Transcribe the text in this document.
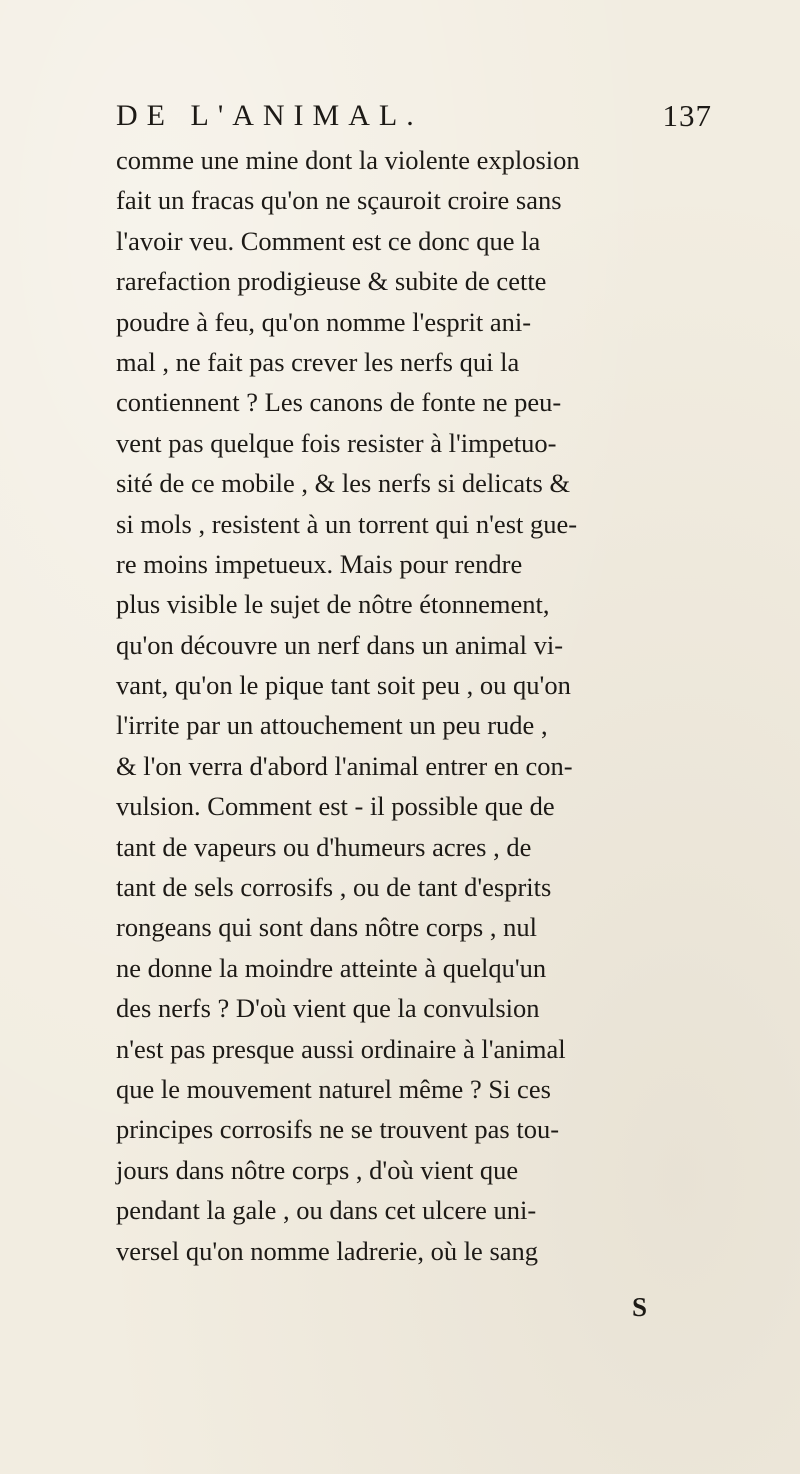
DE L'ANIMAL.	137
comme une mine dont la violente explosion
fait un fracas qu'on ne sçauroit croire sans
l'avoir veu. Comment est ce donc que la
rarefaction prodigieuse & subite de cette
poudre à feu, qu'on nomme l'esprit ani-
mal , ne fait pas crever les nerfs qui la
contiennent ? Les canons de fonte ne peu-
vent pas quelque fois resister à l'impetuo-
sité de ce mobile , & les nerfs si delicats &
si mols , resistent à un torrent qui n'est gue-
re moins impetueux. Mais pour rendre
plus visible le sujet de nôtre étonnement,
qu'on découvre un nerf dans un animal vi-
vant, qu'on le pique tant soit peu , ou qu'on
l'irrite par un attouchement un peu rude ,
& l'on verra d'abord l'animal entrer en con-
vulsion. Comment est - il possible que de
tant de vapeurs ou d'humeurs acres , de
tant de sels corrosifs , ou de tant d'esprits
rongeans qui sont dans nôtre corps , nul
ne donne la moindre atteinte à quelqu'un
des nerfs ? D'où vient que la convulsion
n'est pas presque aussi ordinaire à l'animal
que le mouvement naturel même ? Si ces
principes corrosifs ne se trouvent pas tou-
jours dans nôtre corps , d'où vient que
pendant la gale , ou dans cet ulcere uni-
versel qu'on nomme ladrerie, où le sang
S
